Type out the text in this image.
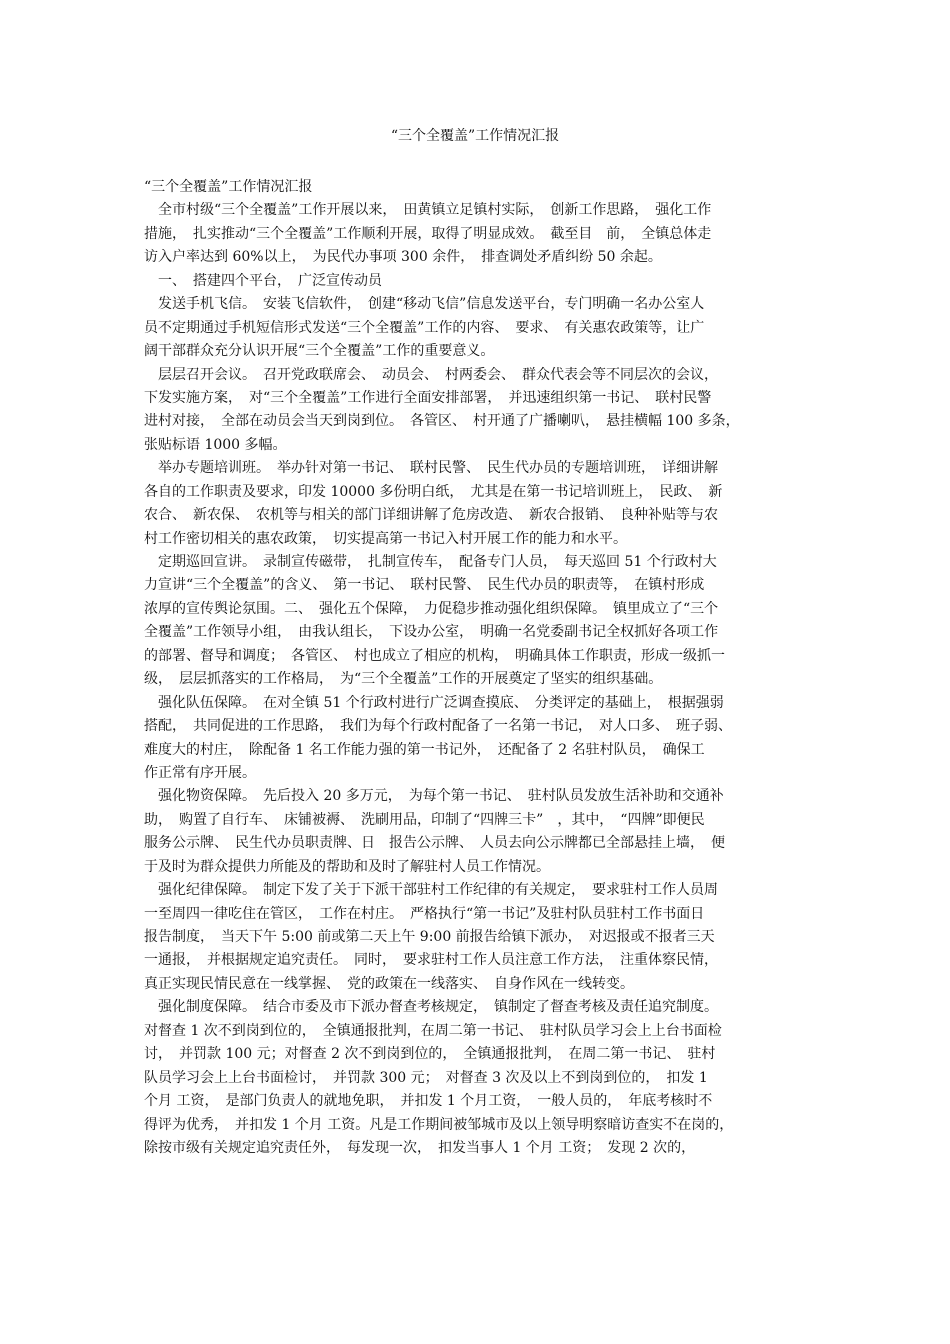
“三个全覆盖”工作情况汇报
“三个全覆盖”工作情况汇报
　全市村级“三个全覆盖”工作开展以来，　田黄镇立足镇村实际，　创新工作思路，　强化工作
措施，　扎实推动“三个全覆盖”工作顺利开展，取得了明显成效。　截至目　前，　全镇总体走
访入户率达到 60%以上，　为民代办事项 300 余件，　排查调处矛盾纠纷 50 余起。
　一、　搭建四个平台，　广泛宣传动员
　发送手机飞信。　安装飞信软件，　创建“移动飞信”信息发送平台，专门明确一名办公室人
员不定期通过手机短信形式发送“三个全覆盖”工作的内容、　要求、　有关惠农政策等，让广
阔干部群众充分认识开展“三个全覆盖”工作的重要意义。
　层层召开会议。　召开党政联席会、　动员会、　村两委会、　群众代表会等不同层次的会议，
下发实施方案，　对“三个全覆盖”工作进行全面安排部署，　并迅速组织第一书记、　联村民警
进村对接，　全部在动员会当天到岗到位。　各管区、　村开通了广播喇叭，　悬挂横幅 100 多条，
张贴标语 1000 多幅。
　举办专题培训班。　举办针对第一书记、　联村民警、　民生代办员的专题培训班，　详细讲解
各自的工作职责及要求，印发 10000 多份明白纸，　尤其是在第一书记培训班上，　民政、　新
农合、　新农保、　农机等与相关的部门详细讲解了危房改造、　新农合报销、　良种补贴等与农
村工作密切相关的惠农政策，　切实提高第一书记入村开展工作的能力和水平。
　定期巡回宣讲。　录制宣传磁带，　扎制宣传车，　配备专门人员，　每天巡回 51 个行政村大
力宣讲“三个全覆盖”的含义、　第一书记、　联村民警、　民生代办员的职责等，　在镇村形成
浓厚的宣传舆论氛围。二、　强化五个保障，　力促稳步推动强化组织保障。　镇里成立了“三个
全覆盖”工作领导小组，　由我认组长，　下设办公室，　明确一名党委副书记全权抓好各项工作
的部署、督导和调度；　各管区、　村也成立了相应的机构，　明确具体工作职责，形成一级抓一
级，　层层抓落实的工作格局，　为“三个全覆盖”工作的开展奠定了坚实的组织基础。
　强化队伍保障。　在对全镇 51 个行政村进行广泛调查摸底、　分类评定的基础上，　根据强弱
搭配，　共同促进的工作思路，　我们为每个行政村配备了一名第一书记，　对人口多、　班子弱、
难度大的村庄，　除配备 1 名工作能力强的第一书记外，　还配备了 2 名驻村队员，　确保工
作正常有序开展。
　强化物资保障。　先后投入 20 多万元，　为每个第一书记、　驻村队员发放生活补助和交通补
助，　购置了自行车、　床铺被褥、　洗刷用品，印制了“四牌三卡”　，其中，　“四牌”即便民
服务公示牌、　民生代办员职责牌、日　报告公示牌、　人员去向公示牌都已全部悬挂上墙，　便
于及时为群众提供力所能及的帮助和及时了解驻村人员工作情况。
　强化纪律保障。　制定下发了关于下派干部驻村工作纪律的有关规定，　要求驻村工作人员周
一至周四一律吃住在管区，　工作在村庄。　严格执行“第一书记”及驻村队员驻村工作书面日
报告制度，　当天下午 5:00 前或第二天上午 9:00 前报告给镇下派办，　对迟报或不报者三天
一通报，　并根据规定追究责任。　同时，　要求驻村工作人员注意工作方法，　注重体察民情，
真正实现民情民意在一线掌握、　党的政策在一线落实、　自身作风在一线转变。
　强化制度保障。　结合市委及市下派办督查考核规定，　镇制定了督查考核及责任追究制度。
对督查 1 次不到岗到位的，　全镇通报批判，在周二第一书记、　驻村队员学习会上上台书面检
讨，　并罚款 100 元；对督查 2 次不到岗到位的，　全镇通报批判，　在周二第一书记、　驻村
队员学习会上上台书面检讨，　并罚款 300 元；　对督查 3 次及以上不到岗到位的，　扣发 1
个月 工资，　是部门负责人的就地免职，　并扣发 1 个月工资，　一般人员的，　年底考核时不
得评为优秀，　并扣发 1 个月 工资。凡是工作期间被邹城市及以上领导明察暗访查实不在岗的，
除按市级有关规定追究责任外，　每发现一次，　扣发当事人 1 个月 工资；　发现 2 次的，
